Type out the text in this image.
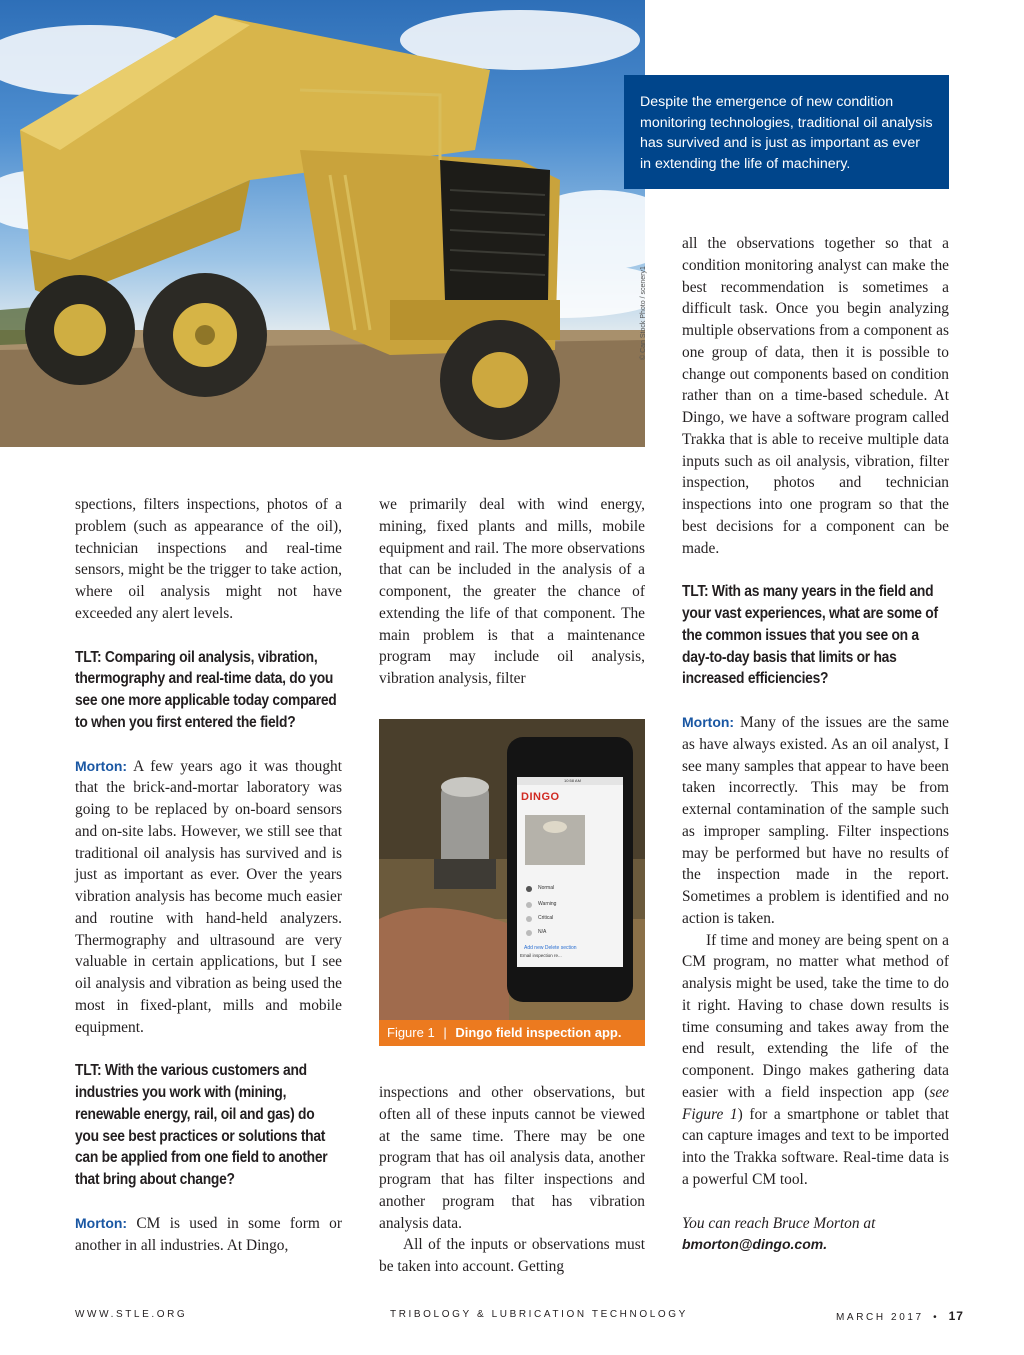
© Can Stock Photo / scenery1
Despite the emergence of new condition monitoring technologies, traditional oil analysis has survived and is just as important as ever in extending the life of machinery.

spections, filters inspections, photos of a problem (such as appearance of the oil), technician inspections and real-time sensors, might be the trigger to take action, where oil analysis might not have exceeded any alert levels.

TLT: Comparing oil analysis, vibration, thermography and real-time data, do you see one more applicable today compared to when you first entered the field?

Morton: A few years ago it was thought that the brick-and-mortar laboratory was going to be replaced by on-board sensors and on-site labs. However, we still see that traditional oil analysis has survived and is just as important as ever. Over the years vibration analysis has become much easier and routine with hand-held analyzers. Thermography and ultrasound are very valuable in certain applications, but I see oil analysis and vibration as being used the most in fixed-plant, mills and mobile equipment.

TLT: With the various customers and industries you work with (mining, renewable energy, rail, oil and gas) do you see best practices or solutions that can be applied from one field to another that bring about change?

Morton: CM is used in some form or another in all industries. At Dingo,

we primarily deal with wind energy, mining, fixed plants and mills, mobile equipment and rail. The more observations that can be included in the analysis of a component, the greater the chance of extending the life of that component. The main problem is that a maintenance program may include oil analysis, vibration analysis, filter

DINGO
10:58 AM
Normal
Warning
Critical
N/A
Add new Delete section
Email inspection re...
Figure 1 | Dingo field inspection app.

inspections and other observations, but often all of these inputs cannot be viewed at the same time. There may be one program that has oil analysis data, another program that has filter inspections and another program that has vibration analysis data.

All of the inputs or observations must be taken into account. Getting

all the observations together so that a condition monitoring analyst can make the best recommendation is sometimes a difficult task. Once you begin analyzing multiple observations from a component as one group of data, then it is possible to change out components based on condition rather than on a time-based schedule. At Dingo, we have a software program called Trakka that is able to receive multiple data inputs such as oil analysis, vibration, filter inspection, photos and technician inspections into one program so that the best decisions for a component can be made.

TLT: With as many years in the field and your vast experiences, what are some of the common issues that you see on a day-to-day basis that limits or has increased efficiencies?

Morton: Many of the issues are the same as have always existed. As an oil analyst, I see many samples that appear to have been taken incorrectly. This may be from external contamination of the sample such as improper sampling. Filter inspections may be performed but have no results of the inspection made in the report. Sometimes a problem is identified and no action is taken.

If time and money are being spent on a CM program, no matter what method of analysis might be used, take the time to do it right. Having to chase down results is time consuming and takes away from the end result, extending the life of the component. Dingo makes gathering data easier with a field inspection app (see Figure 1) for a smartphone or tablet that can capture images and text to be imported into the Trakka software. Real-time data is a powerful CM tool.

You can reach Bruce Morton at
bmorton@dingo.com.

WWW.STLE.ORG	TRIBOLOGY & LUBRICATION TECHNOLOGY	MARCH 2017 • 17
